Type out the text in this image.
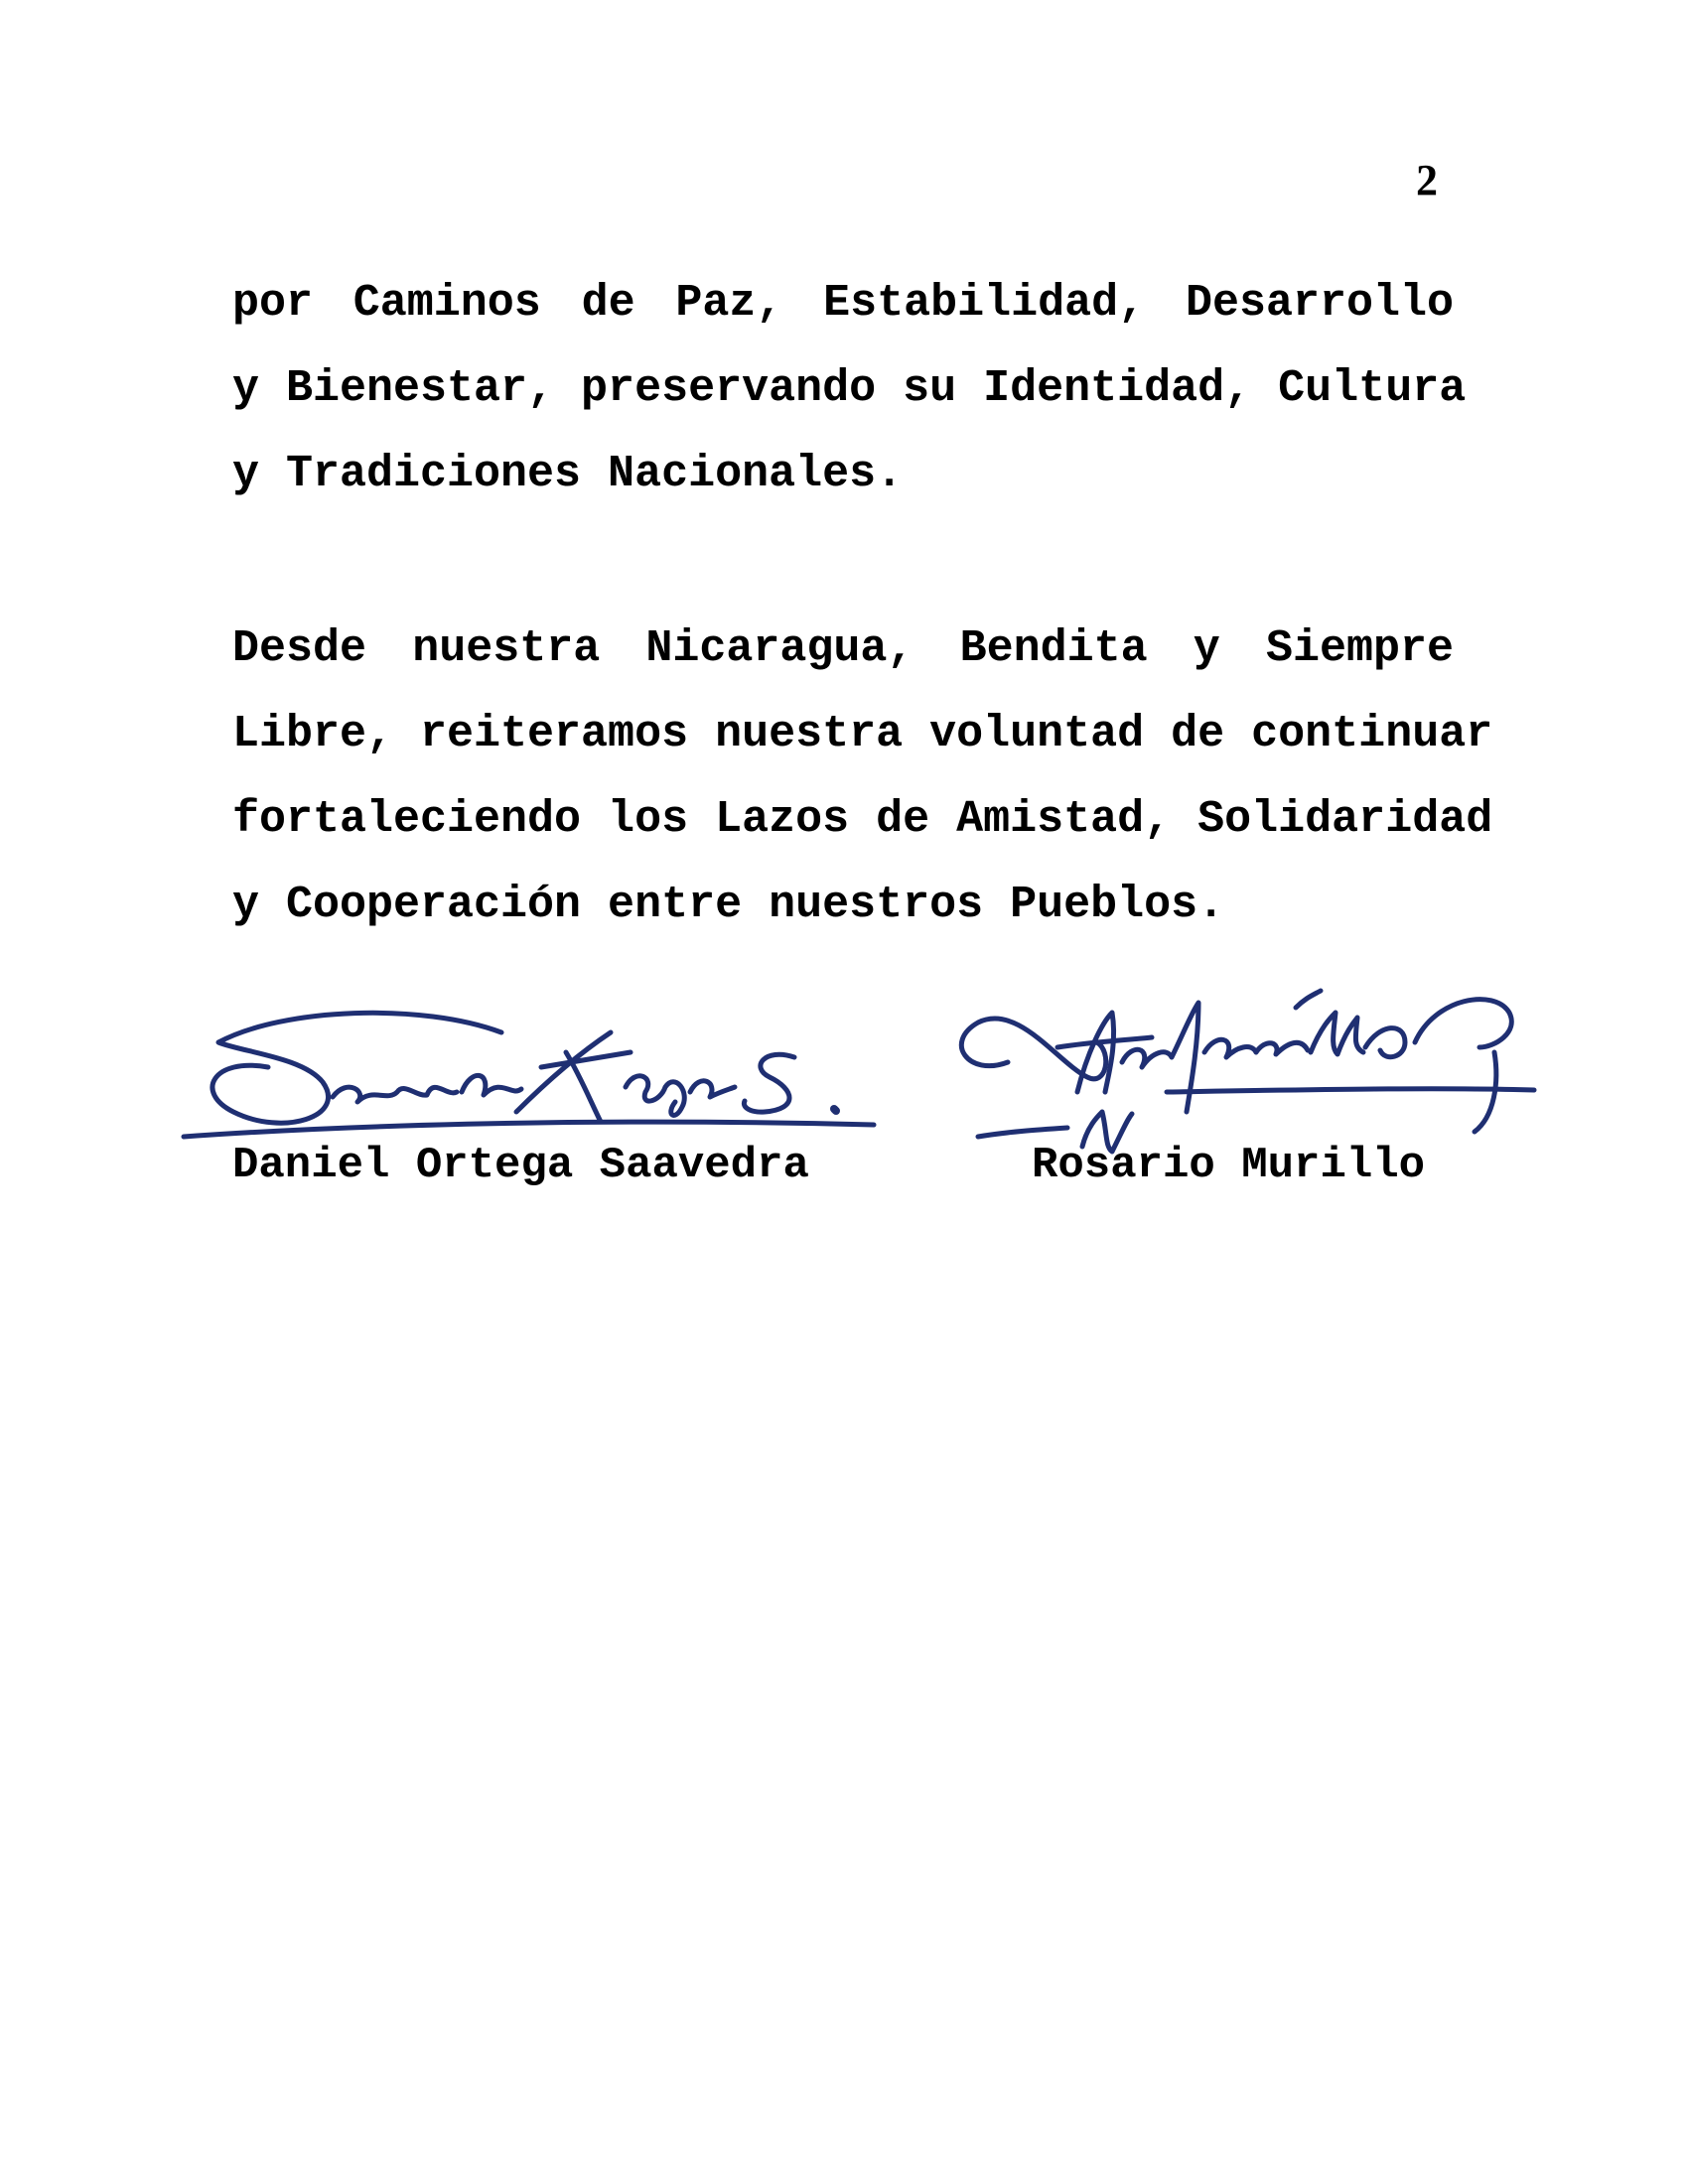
2
por Caminos de Paz, Estabilidad, Desarrollo
y Bienestar, preservando su Identidad, Cultura
y Tradiciones Nacionales.
Desde nuestra Nicaragua, Bendita y Siempre
Libre, reiteramos nuestra voluntad de continuar
fortaleciendo los Lazos de Amistad, Solidaridad
y Cooperación entre nuestros Pueblos.
Daniel Ortega Saavedra	Rosario Murillo
